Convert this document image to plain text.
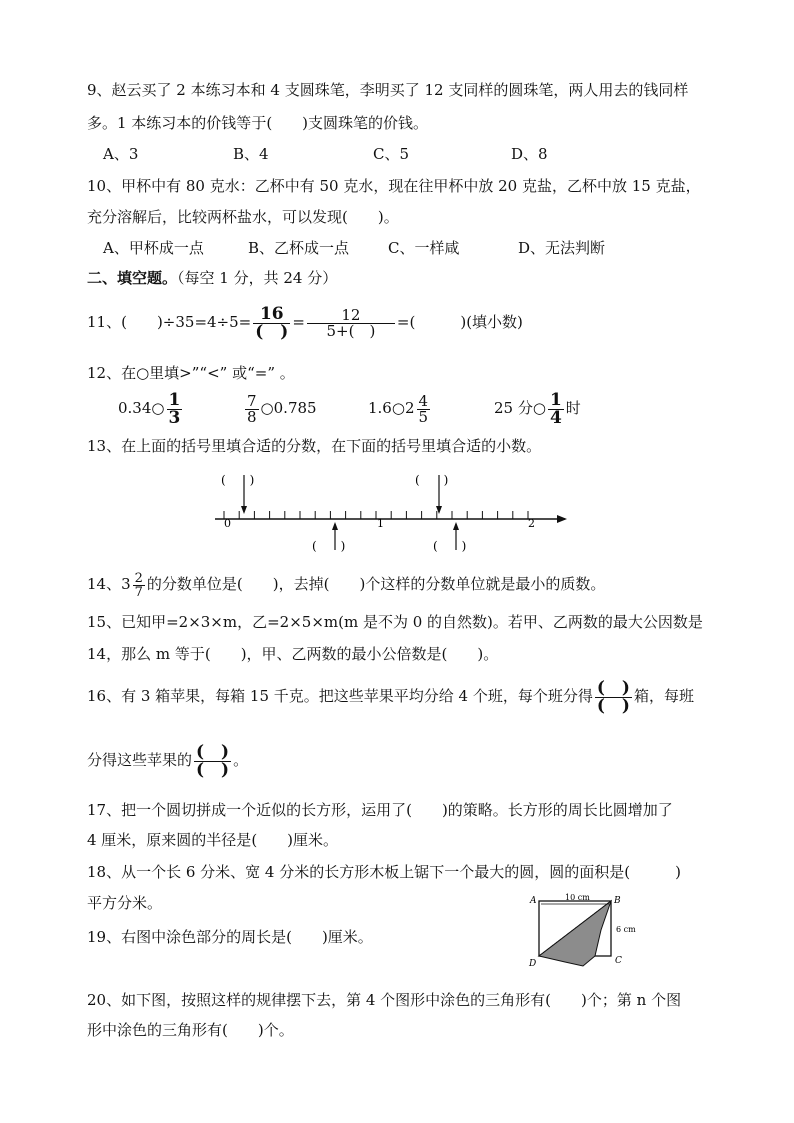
9、赵云买了 2 本练习本和 4 支圆珠笔，李明买了 12 支同样的圆珠笔，两人用去的钱同样
多。1 本练习本的价钱等于(　　)支圆珠笔的价钱。
A、3	B、4	C、5	D、8
10、甲杯中有 80 克水：乙杯中有 50 克水，现在往甲杯中放 20 克盐，乙杯中放 15 克盐，
充分溶解后，比较两杯盐水，可以发现(　　)。
A、甲杯成一点	B、乙杯成一点	C、一样咸	D、无法判断
二、填空题。（每空 1 分，共 24 分）
11、(　　)$\div 35=4\div 5= \frac{16}{( )} = \frac{12}{5+( )}$ =(　　　)(填小数)
12、在○里填>”“<” 或“=” 。
0.34○ $\frac{1}{3}$	$\frac{7}{8}$ ○0.785	1.6○2 $\frac{4}{5}$	25 分○ $\frac{1}{4}$ 时
13、在上面的括号里填合适的分数，在下面的括号里填合适的小数。
0	1	2
(　　)	(　　)
(　　)	(　　)
14、$3 \frac{2}{7}$ 的分数单位是(　　)，去掉(　　)个这样的分数单位就是最小的质数。
15、已知甲=2×3×m，乙=2×5×m(m 是不为 0 的自然数)。若甲、乙两数的最大公因数是
14，那么 m 等于(　　)，甲、乙两数的最小公倍数是(　　)。
16、有 3 箱苹果，每箱 15 千克。把这些苹果平均分给 4 个班，每个班分得 $\frac{( )}{( )}$ 箱，每班
分得这些苹果的 $\frac{( )}{( )}$ 。
17、把一个圆切拼成一个近似的长方形，运用了(　　)的策略。长方形的周长比圆增加了
4 厘米，原来圆的半径是(　　)厘米。
18、从一个长 6 分米、宽 4 分米的长方形木板上锯下一个最大的圆，圆的面积是(　　　)
平方分米。
19、右图中涂色部分的周长是(　　)厘米。
10 cm
6 cm
A	B
C
D
20、如下图，按照这样的规律摆下去，第 4 个图形中涂色的三角形有(　　)个；第 n 个图
形中涂色的三角形有(　　)个。
